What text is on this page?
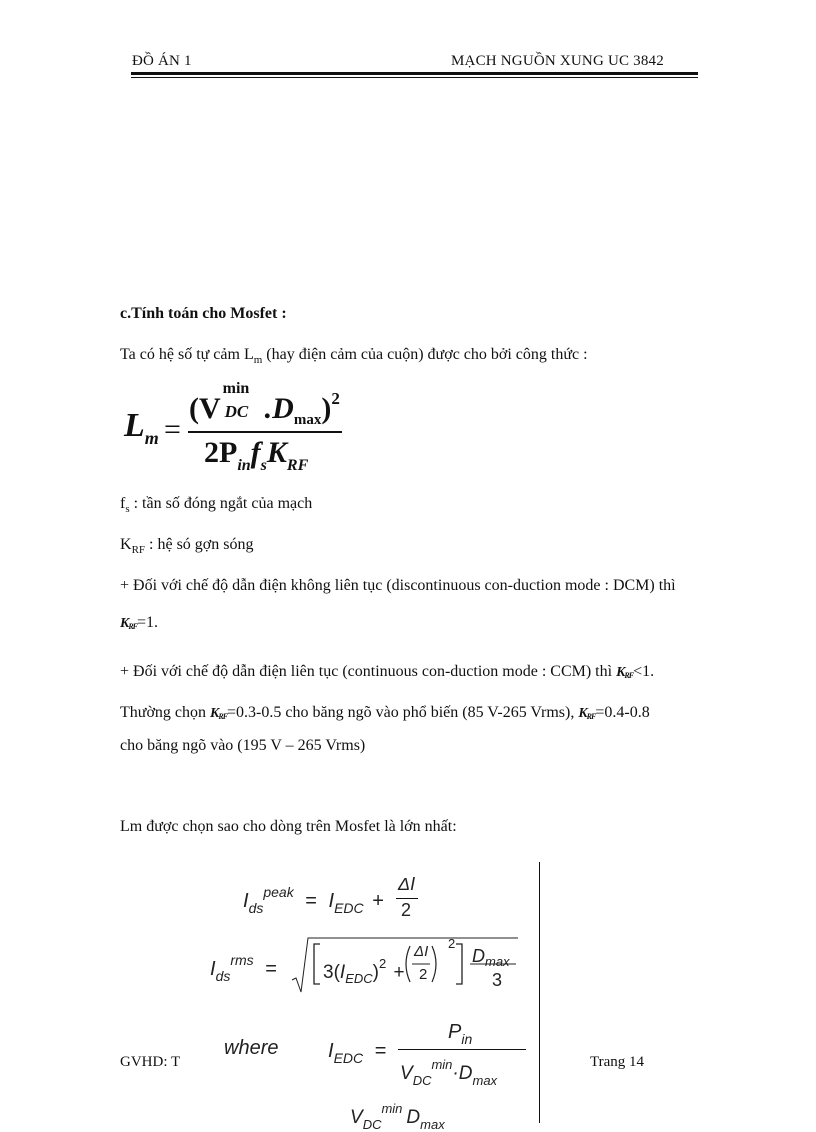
ĐỒ ÁN 1	MẠCH NGUỒN XUNG UC 3842
c.Tính toán cho Mosfet :
Ta có hệ số tự cảm $L_m$ (hay điện cảm của cuộn) được cho bởi công thức :
$L_m$ =
(V
min
DC $.D_{max})^2$
$2P_{in}f_sK_{RF}$
$f_s$ : tần số đóng ngắt của mạch
$K_{RF}$ : hệ só gợn sóng
+ Đối với chế độ dẫn điện không liên tục (discontinuous con-duction mode : DCM) thì
$K_{RF}=1$.
+ Đối với chế độ dẫn điện liên tục (continuous con-duction mode : CCM) thì $K_{RF}<1$.
Thường chọn $K_{RF}=0.3-0.5$ cho băng ngõ vào phổ biến (85 V-265 Vrms), $K_{RF}=0.4-0.8$
cho băng ngõ vào (195 V – 265 Vrms)
Lm được chọn sao cho dòng trên Mosfet là lớn nhất:
$I_{ds}^{peak} = I_{EDC}$ +
ΔI
2
$I_{ds}^{rms}$ =	$3(I_{EDC})^2$ +
ΔI
2
2
$D_{max}$
3
where $I_{EDC}$ =
$P_{in}$
$V_{DC}^{min}\cdot D_{max}$
$V_{DC}^{min}$ $D_{max}$
GVHD: T	Trang 14
